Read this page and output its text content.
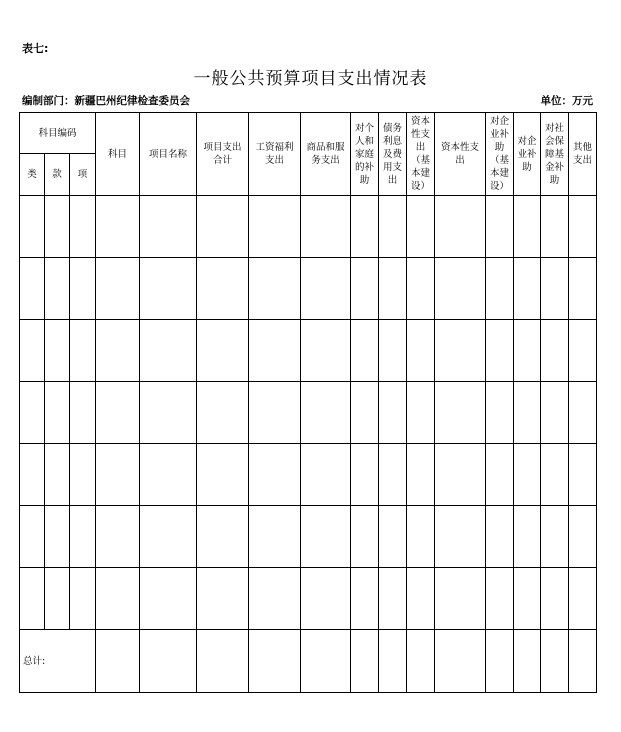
表七:
一般公共预算项目支出情况表
编制部门：新疆巴州纪律检查委员会	单位：万元
科目编码			科目	项目名称	项目支出合计	工资福利支出	商品和服务支出	对个人和家庭的补助	债务利息及费用支出	资本性支出（基本建设）	资本性支出	对企业补助（基本建设）	对企业补助	对社会保障基金补助	其他支出
类	款	项													

总计:															
